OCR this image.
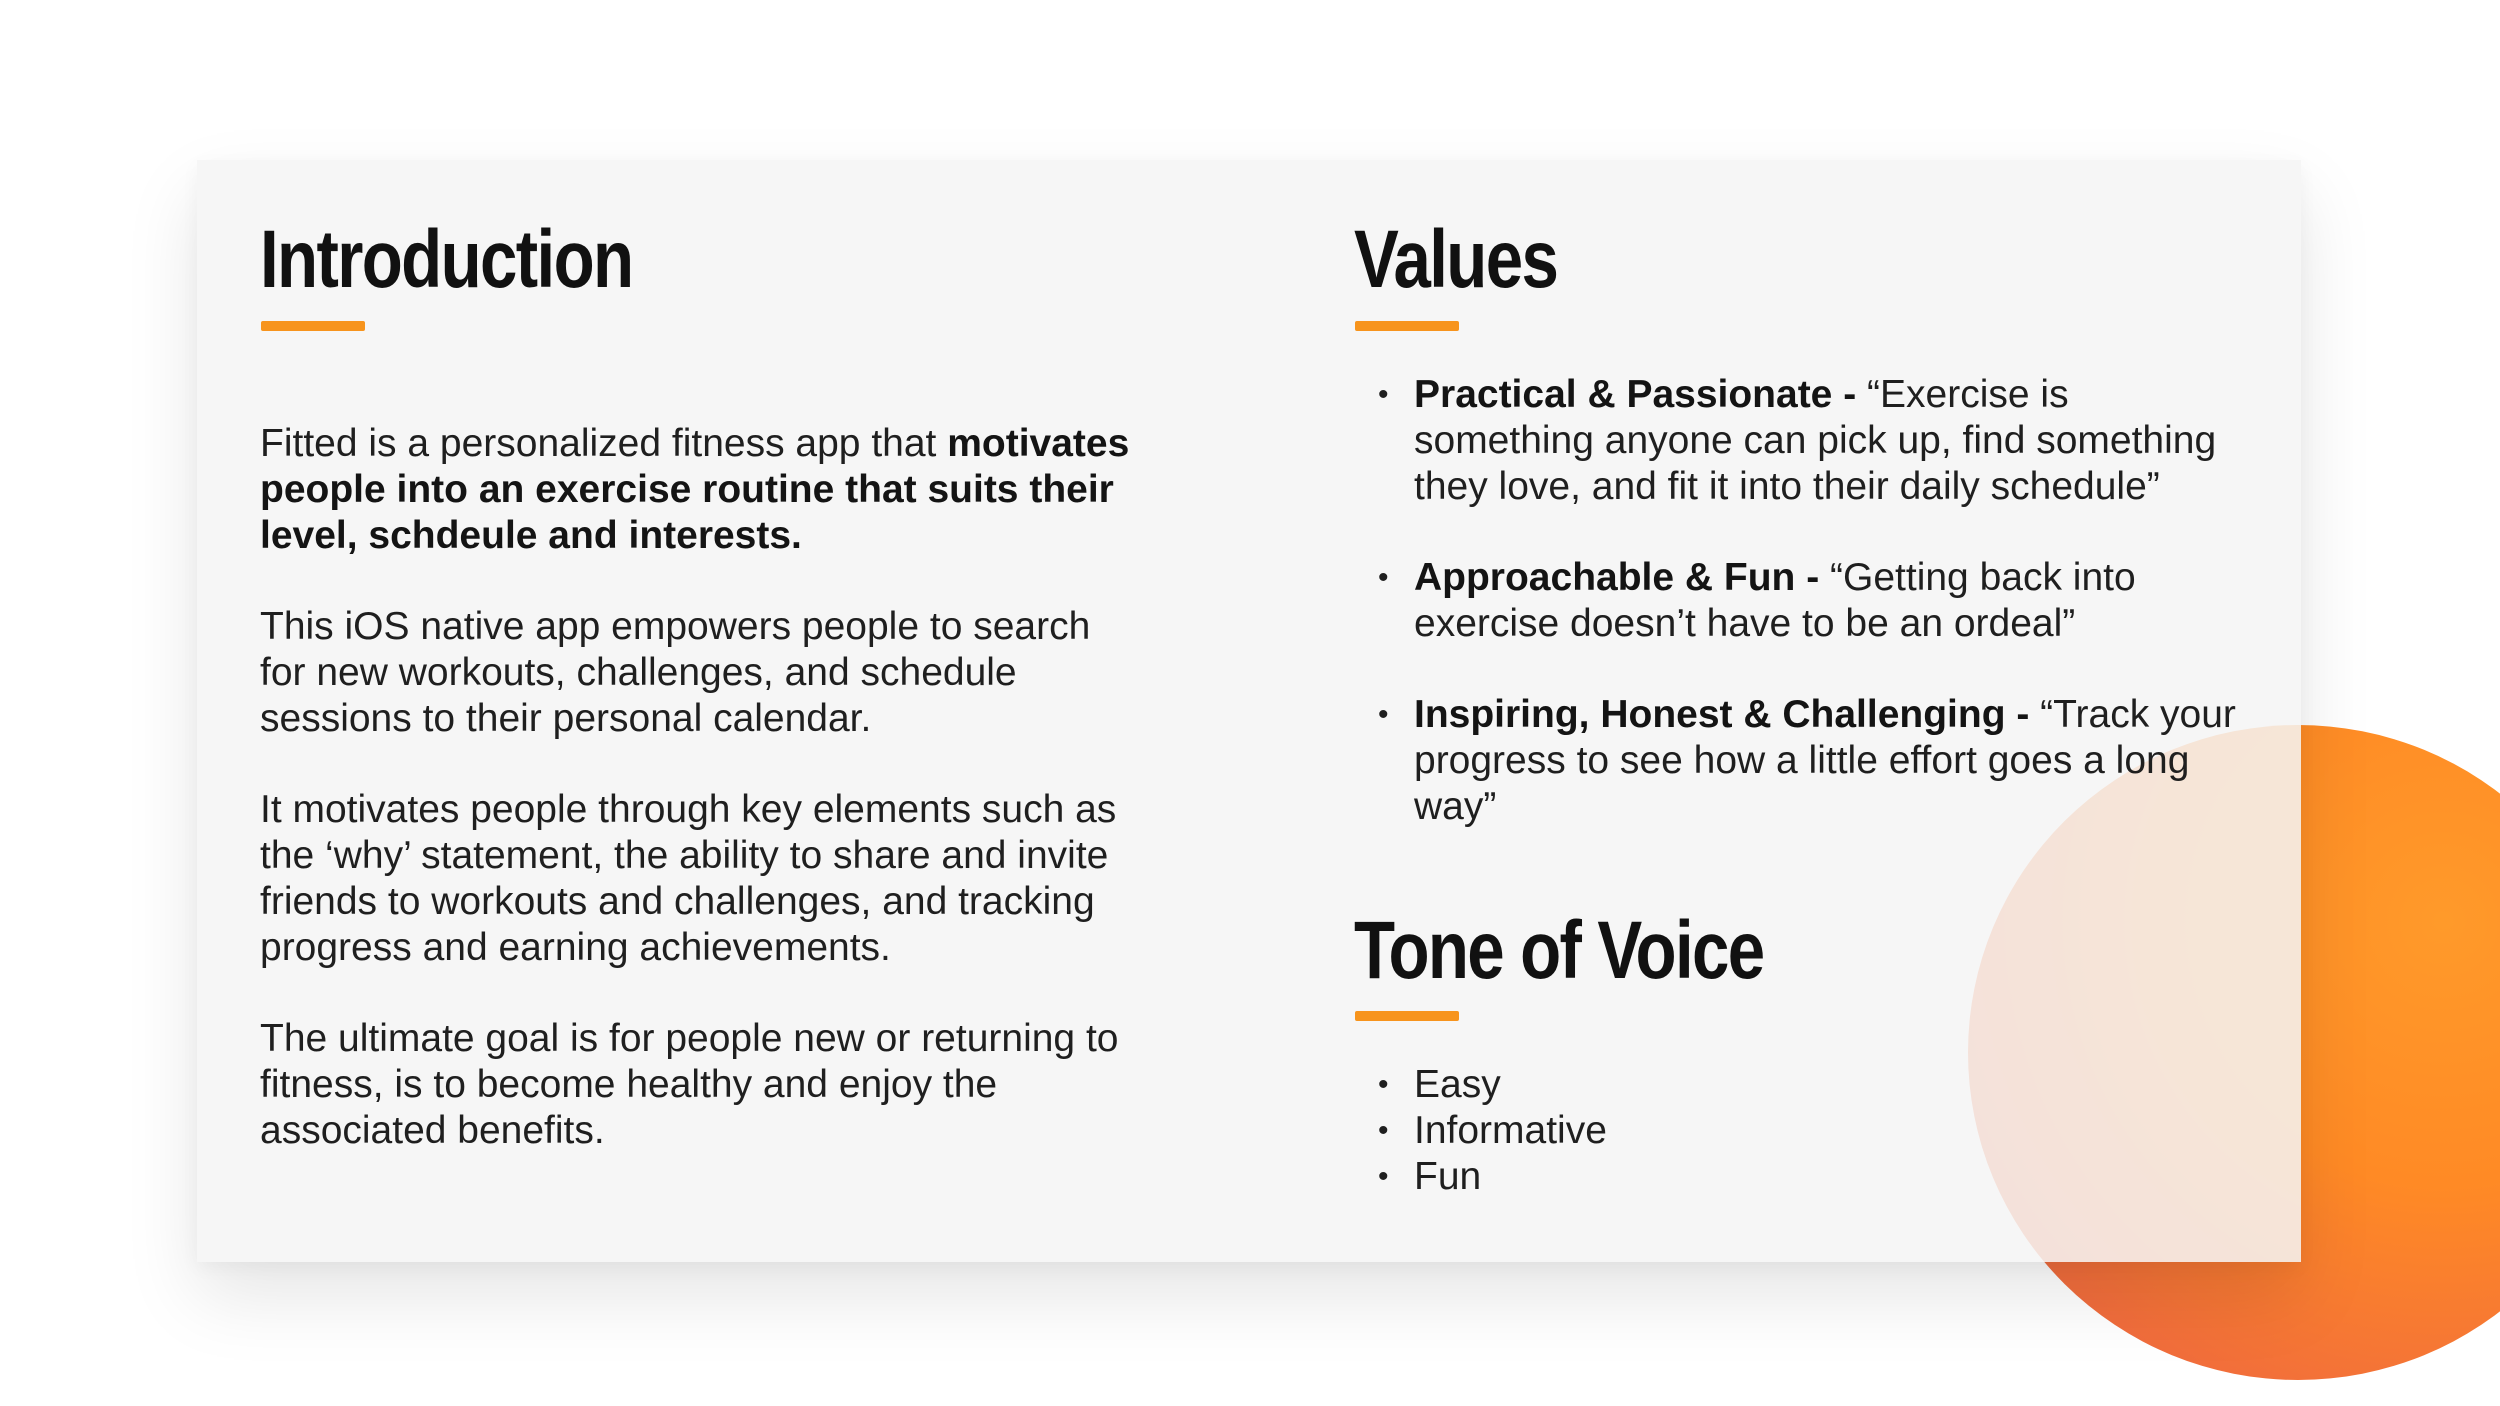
Introduction

Fitted is a personalized fitness app that motivates people into an exercise routine that suits their level, schdeule and interests.

This iOS native app empowers people to search for new workouts, challenges, and schedule sessions to their personal calendar.

It motivates people through key elements such as the ‘why’ statement, the ability to share and invite friends to workouts and challenges, and tracking progress and earning achievements.

The ultimate goal is for people new or returning to fitness, is to become healthy and enjoy the associated benefits.

Values
• Practical & Passionate - “Exercise is something anyone can pick up, find something they love, and fit it into their daily schedule”
• Approachable & Fun - “Getting back into exercise doesn’t have to be an ordeal”
• Inspiring, Honest & Challenging - “Track your progress to see how a little effort goes a long way”
Tone of Voice
• Easy
• Informative
• Fun
